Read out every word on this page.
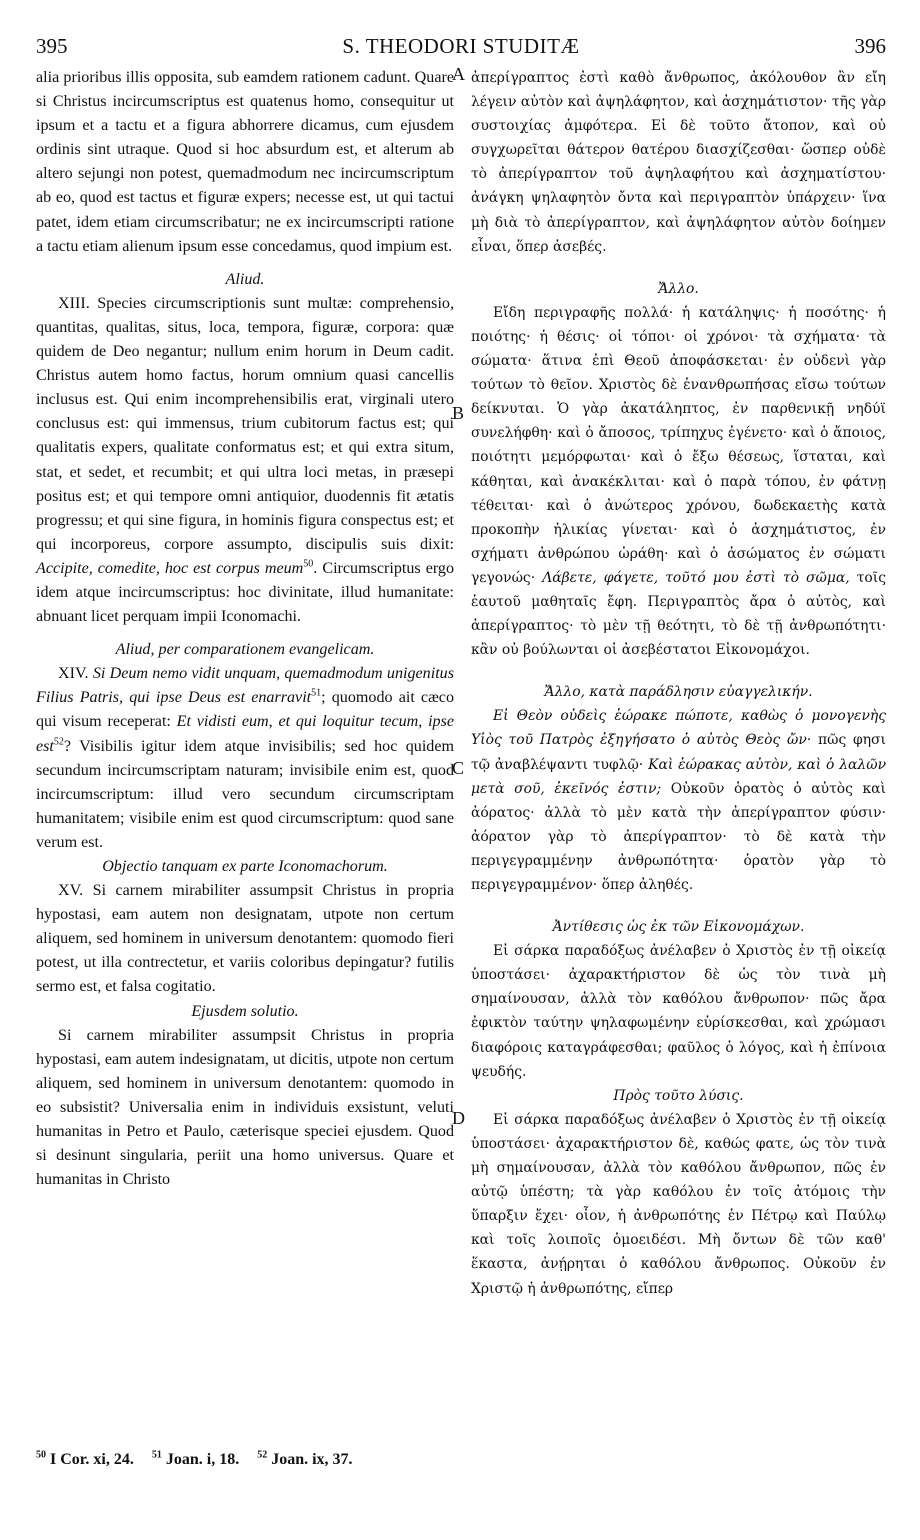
395	S. THEODORI STUDITÆ	396
A
B
C
D

alia prioribus illis opposita, sub eamdem rationem cadunt. Quare si Christus incircumscriptus est quatenus homo, consequitur ut ipsum et a tactu et a figura abhorrere dicamus, cum ejusdem ordinis sint utraque. Quod si hoc absurdum est, et alterum ab altero sejungi non potest, quemadmodum nec incircumscriptum ab eo, quod est tactus et figuræ expers; necesse est, ut qui tactui patet, idem etiam circumscribatur; ne ex incircumscripti ratione a tactu etiam alienum ipsum esse concedamus, quod impium est.

Aliud.

XIII. Species circumscriptionis sunt multæ: comprehensio, quantitas, qualitas, situs, loca, tempora, figuræ, corpora: quæ quidem de Deo negantur; nullum enim horum in Deum cadit. Christus autem homo factus, horum omnium quasi cancellis inclusus est. Qui enim incomprehensibilis erat, virginali utero conclusus est: qui immensus, trium cubitorum factus est; qui qualitatis expers, qualitate conformatus est; et qui extra situm, stat, et sedet, et recumbit; et qui ultra loci metas, in præsepi positus est; et qui tempore omni antiquior, duodennis fit ætatis progressu; et qui sine figura, in hominis figura conspectus est; et qui incorporeus, corpore assumpto, discipulis suis dixit: Accipite, comedite, hoc est corpus meum$^{50}$. Circumscriptus ergo idem atque incircumscriptus: hoc divinitate, illud humanitate: abnuant licet perquam impii Iconomachi.

Aliud, per comparationem evangelicam.

XIV. Si Deum nemo vidit unquam, quemadmodum unigenitus Filius Patris, qui ipse Deus est enarravit$^{51}$; quomodo ait cæco qui visum receperat: Et vidisti eum, et qui loquitur tecum, ipse est$^{52}$? Visibilis igitur idem atque invisibilis; sed hoc quidem secundum incircumscriptam naturam; invisibile enim est, quod incircumscriptum: illud vero secundum circumscriptam humanitatem; visibile enim est quod circumscriptum: quod sane verum est.

Objectio tanquam ex parte Iconomachorum.

XV. Si carnem mirabiliter assumpsit Christus in propria hypostasi, eam autem non designatam, utpote non certum aliquem, sed hominem in universum denotantem: quomodo fieri potest, ut illa contrectetur, et variis coloribus depingatur? futilis sermo est, et falsa cogitatio.

Ejusdem solutio.

Si carnem mirabiliter assumpsit Christus in propria hypostasi, eam autem indesignatam, ut dicitis, utpote non certum aliquem, sed hominem in universum denotantem: quomodo in eo subsistit? Universalia enim in individuis exsistunt, veluti humanitas in Petro et Paulo, cæterisque speciei ejusdem. Quod si desinunt singularia, periit una homo universus. Quare et humanitas in Christo

ἀπερίγραπτος ἐστὶ καθὸ ἄνθρωπος, ἀκόλουθον ἂν εἴη λέγειν αὐτὸν καὶ ἀψηλάφητον, καὶ ἀσχημάτιστον· τῆς γὰρ συστοιχίας ἀμφότερα. Εἰ δὲ τοῦτο ἄτοπον, καὶ οὐ συγχωρεῖται θάτερον θατέρου διασχίζεσθαι· ὥσπερ οὐδὲ τὸ ἀπερίγραπτον τοῦ ἀψηλαφήτου καὶ ἀσχηματίστου· ἀνάγκη ψηλαφητὸν ὄντα καὶ περιγραπτὸν ὑπάρχειν· ἵνα μὴ διὰ τὸ ἀπερίγραπτον, καὶ ἀψηλάφητον αὐτὸν δοίημεν εἶναι, ὅπερ ἀσεβές.

Ἄλλο.

Εἴδη περιγραφῆς πολλά· ἡ κατάληψις· ἡ ποσότης· ἡ ποιότης· ἡ θέσις· οἱ τόποι· οἱ χρόνοι· τὰ σχήματα· τὰ σώματα· ἅτινα ἐπὶ Θεοῦ ἀποφάσκεται· ἐν οὐδενὶ γὰρ τούτων τὸ θεῖον. Χριστὸς δὲ ἐνανθρωπήσας εἴσω τούτων δείκνυται. Ὁ γὰρ ἀκατάληπτος, ἐν παρθενικῇ νηδύϊ συνελήφθη· καὶ ὁ ἄποσος, τρίπηχυς ἐγένετο· καὶ ὁ ἄποιος, ποιότητι μεμόρφωται· καὶ ὁ ἔξω θέσεως, ἵσταται, καὶ κάθηται, καὶ ἀνακέκλιται· καὶ ὁ παρὰ τόπου, ἐν φάτνῃ τέθειται· καὶ ὁ ἀνώτερος χρόνου, δωδεκαετὴς κατὰ προκοπὴν ἡλικίας γίνεται· καὶ ὁ ἀσχημάτιστος, ἐν σχήματι ἀνθρώπου ὡράθη· καὶ ὁ ἀσώματος ἐν σώματι γεγονώς· Λάβετε, φάγετε, τοῦτό μου ἐστὶ τὸ σῶμα, τοῖς ἑαυτοῦ μαθηταῖς ἔφη. Περιγραπτὸς ἄρα ὁ αὐτὸς, καὶ ἀπερίγραπτος· τὸ μὲν τῇ θεότητι, τὸ δὲ τῇ ἀνθρωπότητι· κἂν οὐ βούλωνται οἱ ἀσεβέστατοι Εἰκονομάχοι.

Ἄλλο, κατὰ παράδλησιν εὐαγγελικήν.

Εἰ Θεὸν οὐδεὶς ἑώρακε πώποτε, καθὼς ὁ μονογενὴς Υἱὸς τοῦ Πατρὸς ἐξηγήσατο ὁ αὐτὸς Θεὸς ὤν· πῶς φησι τῷ ἀναβλέψαντι τυφλῷ· Καὶ ἑώρακας αὐτὸν, καὶ ὁ λαλῶν μετὰ σοῦ, ἐκεῖνός ἐστιν; Οὐκοῦν ὁρατὸς ὁ αὐτὸς καὶ ἀόρατος· ἀλλὰ τὸ μὲν κατὰ τὴν ἀπερίγραπτον φύσιν· ἀόρατον γὰρ τὸ ἀπερίγραπτον· τὸ δὲ κατὰ τὴν περιγεγραμμένην ἀνθρωπότητα· ὁρατὸν γὰρ τὸ περιγεγραμμένον· ὅπερ ἀληθές.

Ἀντίθεσις ὡς ἐκ τῶν Εἰκονομάχων.

Εἰ σάρκα παραδόξως ἀνέλαβεν ὁ Χριστὸς ἐν τῇ οἰκείᾳ ὑποστάσει· ἀχαρακτήριστον δὲ ὡς τὸν τινὰ μὴ σημαίνουσαν, ἀλλὰ τὸν καθόλου ἄνθρωπον· πῶς ἄρα ἐφικτὸν ταύτην ψηλαφωμένην εὑρίσκεσθαι, καὶ χρώμασι διαφόροις καταγράφεσθαι; φαῦλος ὁ λόγος, καὶ ἡ ἐπίνοια ψευδής.

Πρὸς τοῦτο λύσις.

Εἰ σάρκα παραδόξως ἀνέλαβεν ὁ Χριστὸς ἐν τῇ οἰκείᾳ ὑποστάσει· ἀχαρακτήριστον δὲ, καθώς φατε, ὡς τὸν τινὰ μὴ σημαίνουσαν, ἀλλὰ τὸν καθόλου ἄνθρωπον, πῶς ἐν αὐτῷ ὑπέστη; τὰ γὰρ καθόλου ἐν τοῖς ἀτόμοις τὴν ὕπαρξιν ἔχει· οἷον, ἡ ἀνθρωπότης ἐν Πέτρῳ καὶ Παύλῳ καὶ τοῖς λοιποῖς ὁμοειδέσι. Μὴ ὄντων δὲ τῶν καθ' ἕκαστα, ἀνῄρηται ὁ καθόλου ἄνθρωπος. Οὐκοῦν ἐν Χριστῷ ἡ ἀνθρωπότης, εἴπερ

$^{50}$ I Cor. xi, 24. $^{51}$ Joan. i, 18. $^{52}$ Joan. ix, 37.
